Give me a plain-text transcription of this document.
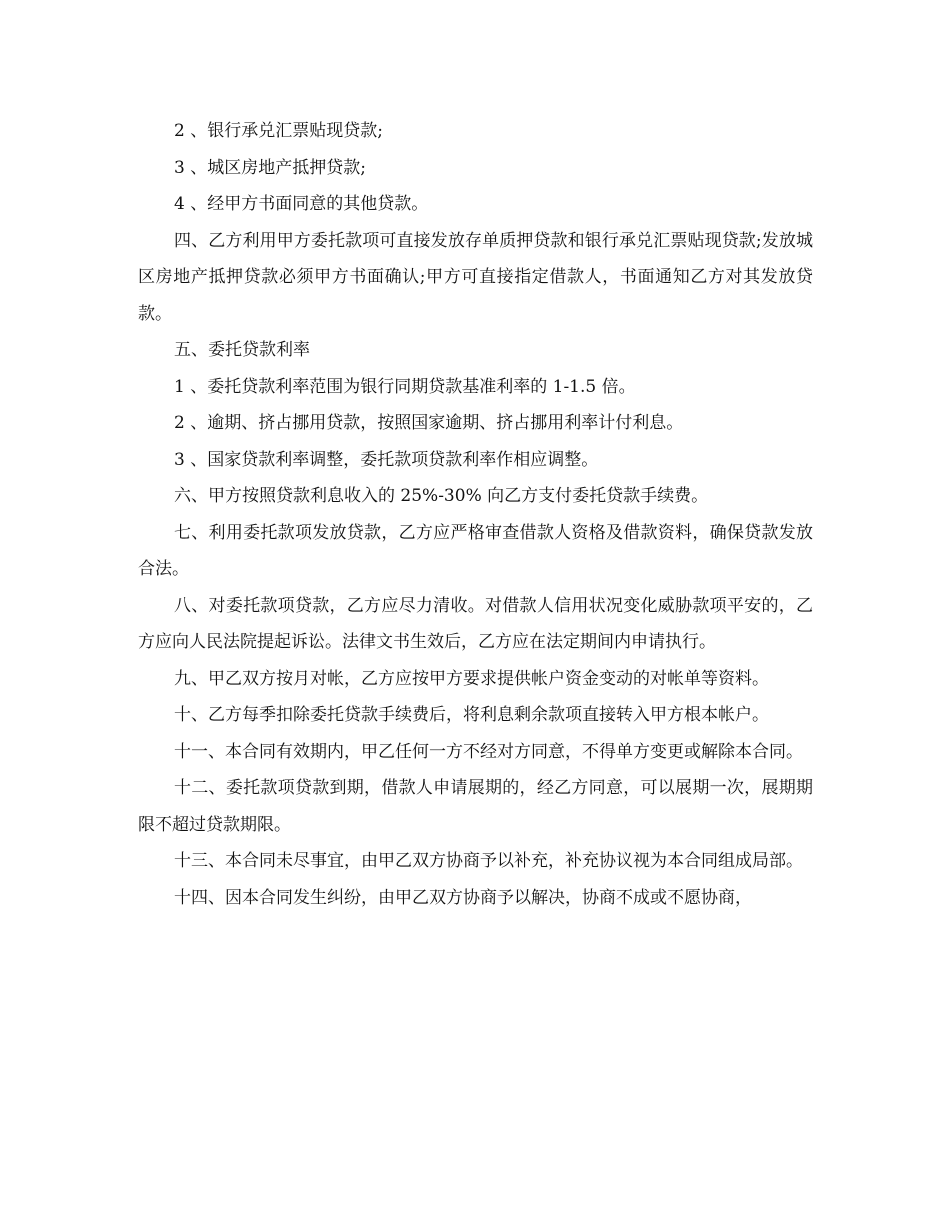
2 、银行承兑汇票贴现贷款;

3 、城区房地产抵押贷款;

4 、经甲方书面同意的其他贷款。

四、乙方利用甲方委托款项可直接发放存单质押贷款和银行承兑汇票贴现贷款;发放城区房地产抵押贷款必须甲方书面确认;甲方可直接指定借款人，书面通知乙方对其发放贷款。

五、委托贷款利率

1 、委托贷款利率范围为银行同期贷款基准利率的 1-1.5 倍。

2 、逾期、挤占挪用贷款，按照国家逾期、挤占挪用利率计付利息。

3 、国家贷款利率调整，委托款项贷款利率作相应调整。

六、甲方按照贷款利息收入的 25%-30% 向乙方支付委托贷款手续费。

七、利用委托款项发放贷款，乙方应严格审查借款人资格及借款资料，确保贷款发放合法。

八、对委托款项贷款，乙方应尽力清收。对借款人信用状况变化威胁款项平安的，乙方应向人民法院提起诉讼。法律文书生效后，乙方应在法定期间内申请执行。

九、甲乙双方按月对帐，乙方应按甲方要求提供帐户资金变动的对帐单等资料。

十、乙方每季扣除委托贷款手续费后，将利息剩余款项直接转入甲方根本帐户。

十一、本合同有效期内，甲乙任何一方不经对方同意，不得单方变更或解除本合同。

十二、委托款项贷款到期，借款人申请展期的，经乙方同意，可以展期一次，展期期限不超过贷款期限。

十三、本合同未尽事宜，由甲乙双方协商予以补充，补充协议视为本合同组成局部。

十四、因本合同发生纠纷，由甲乙双方协商予以解决，协商不成或不愿协商，
